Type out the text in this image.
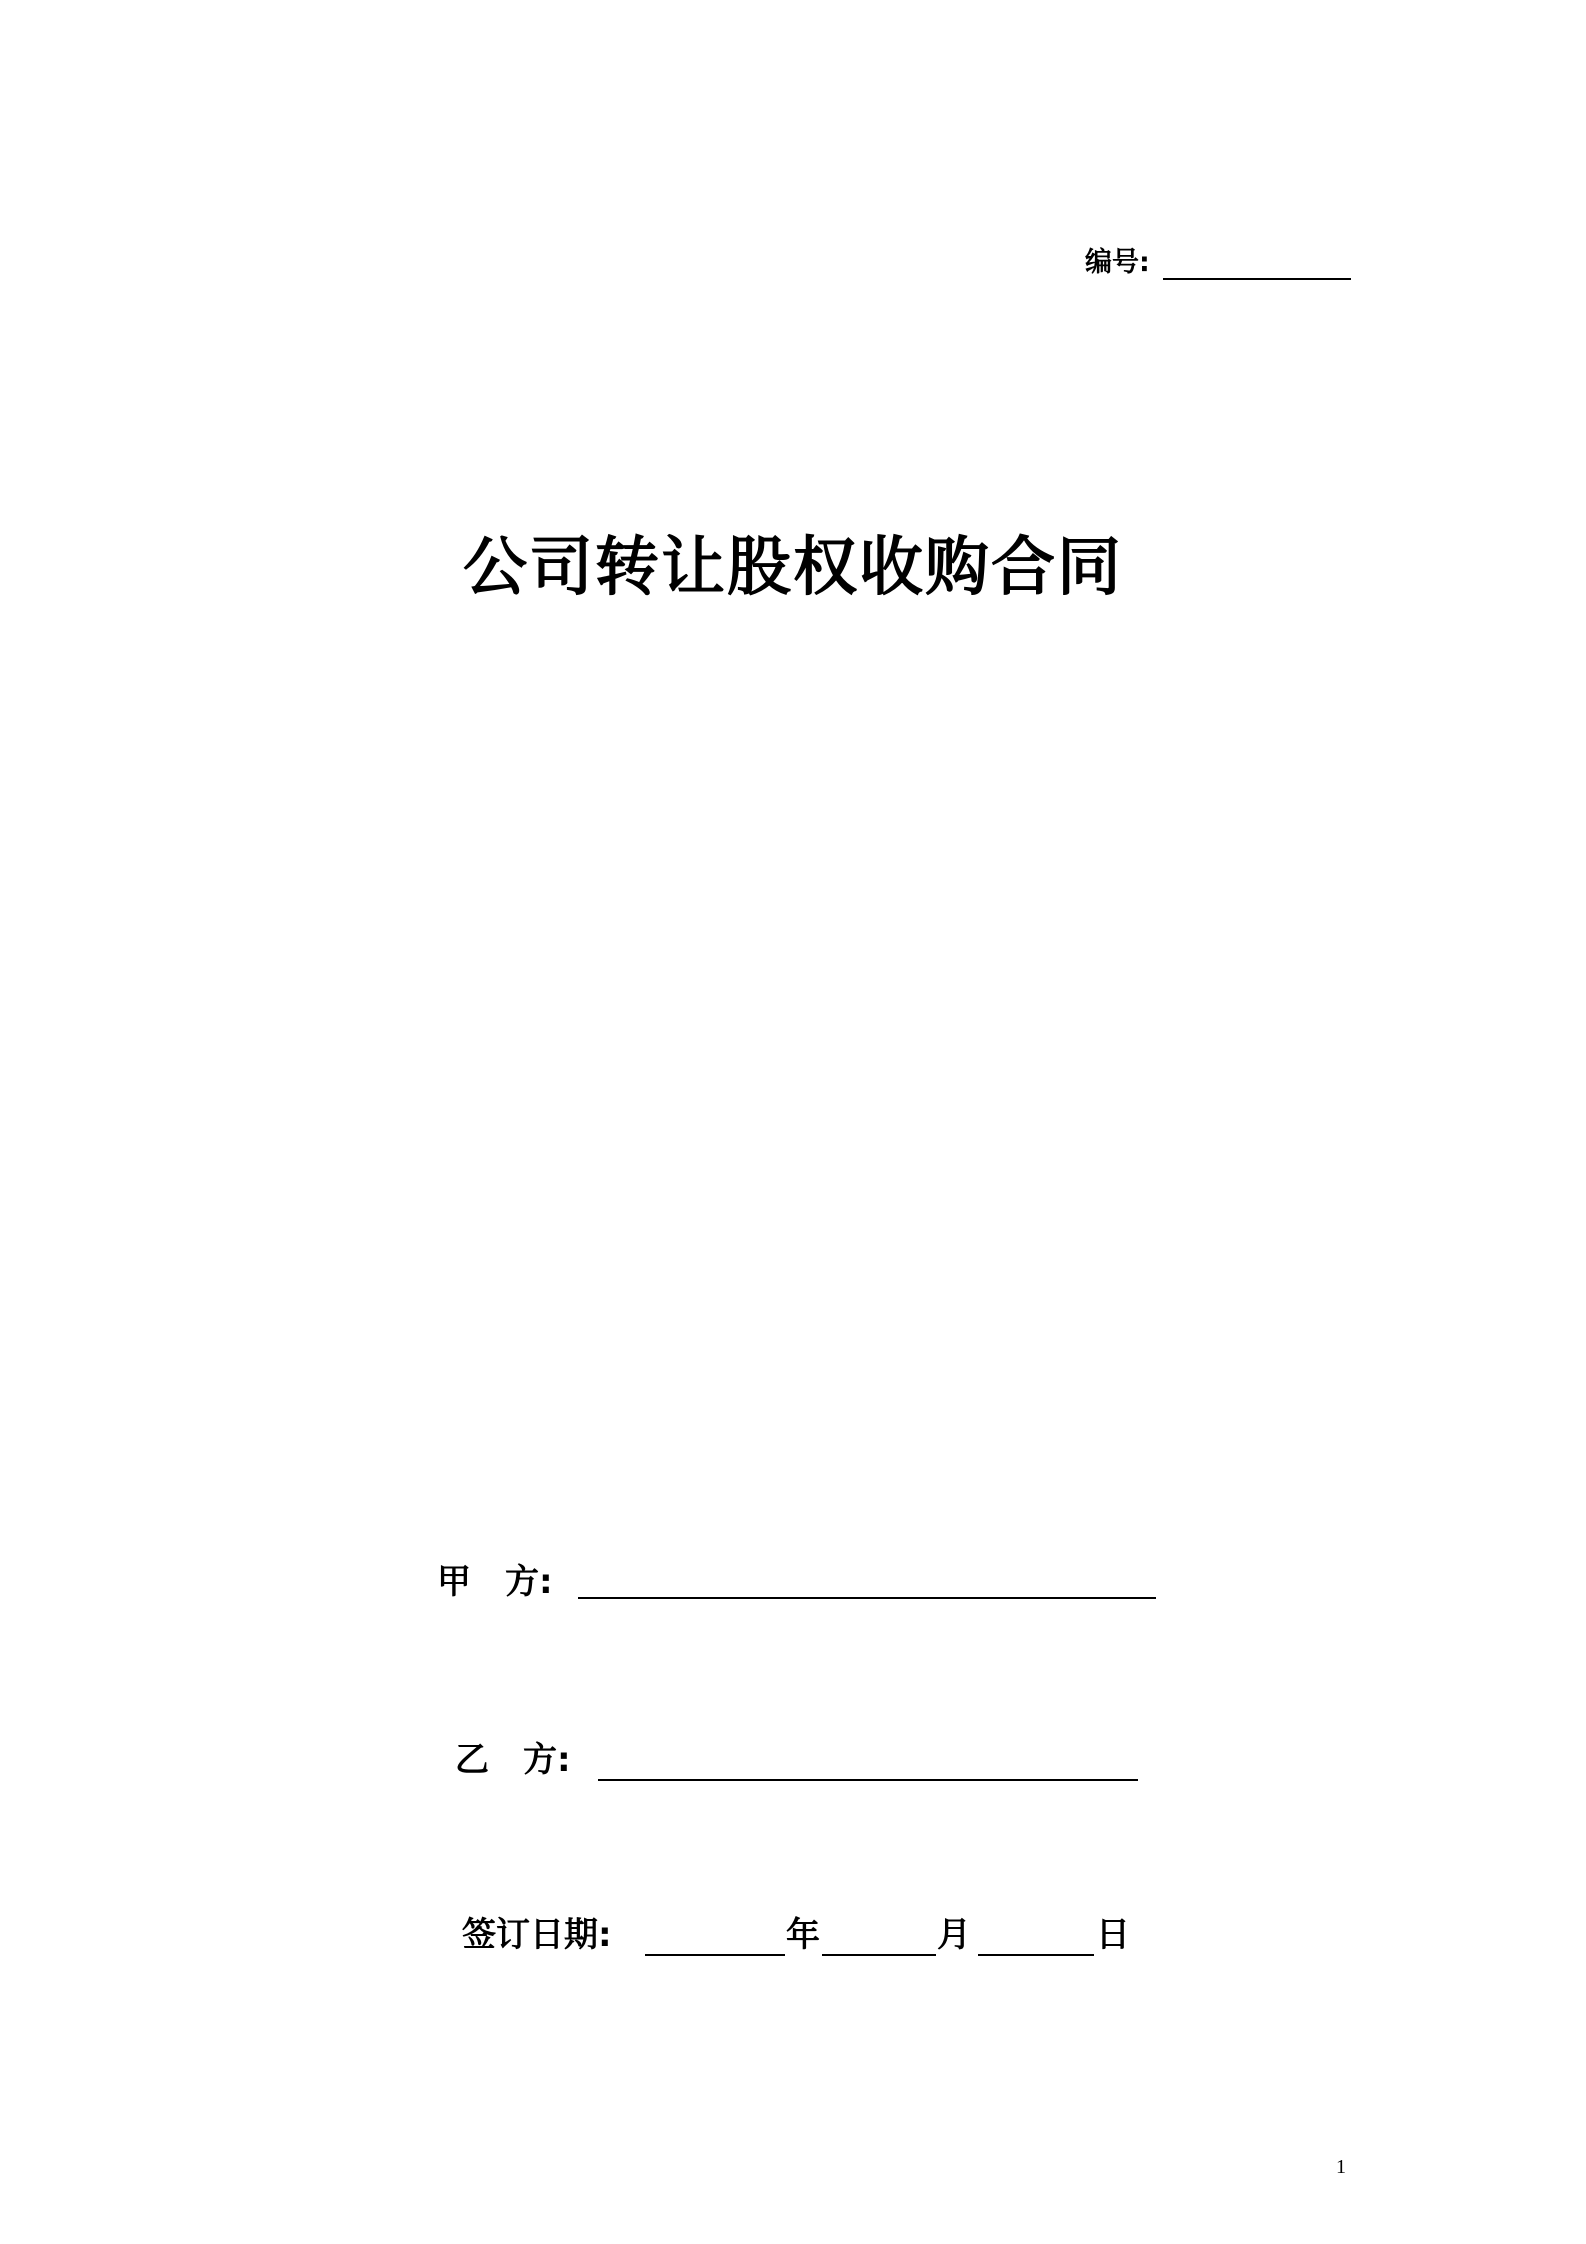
编号:
公司转让股权收购合同
甲　方:
乙　方:
签订日期:	年	月	日
1
